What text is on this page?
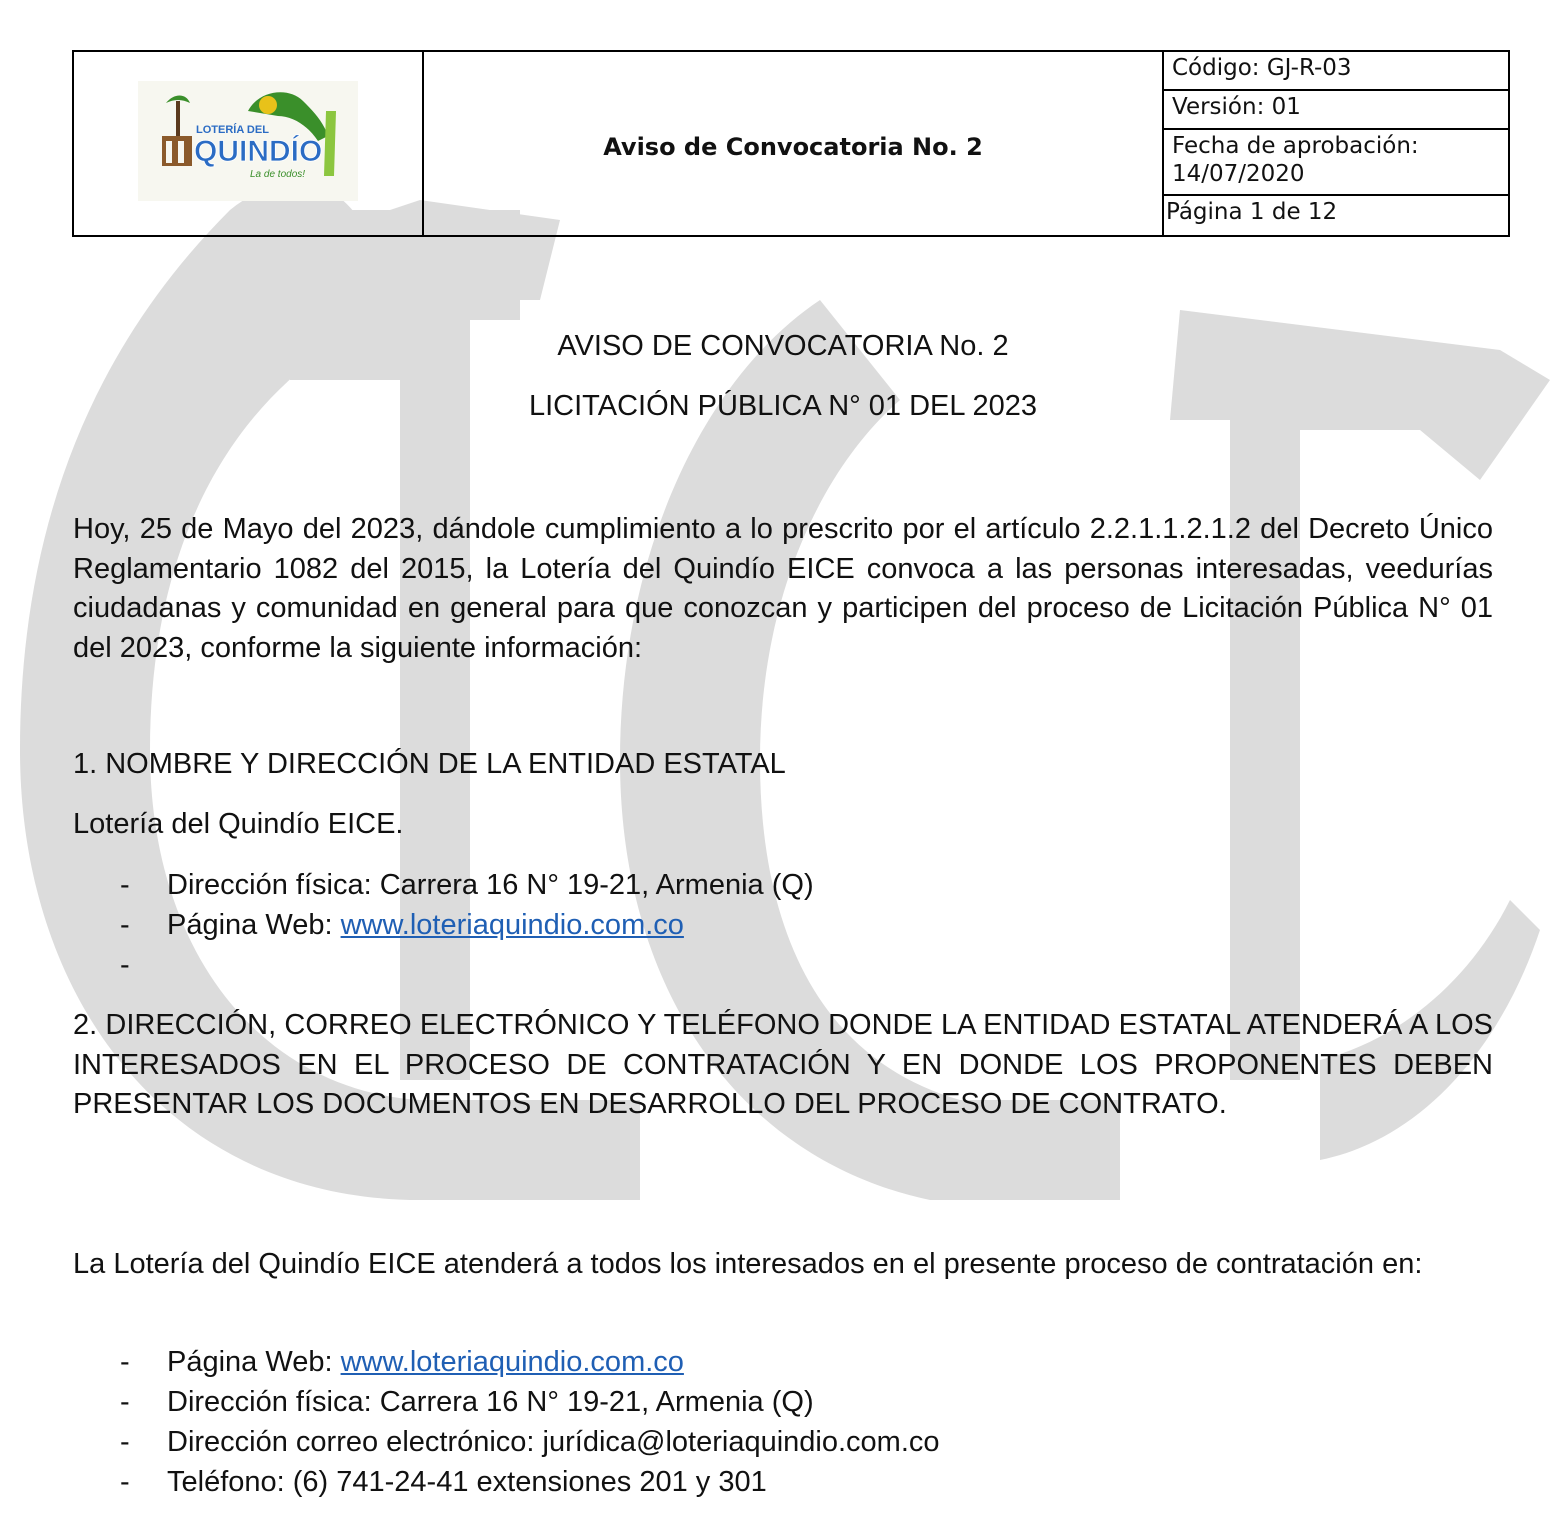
LOTERÍA DEL
QUINDÍO
La de todos!
	Aviso de Convocatoria No. 2	Código: GJ-R-03
Versión: 01

Fecha de aprobación:
14/07/2020

Página 1 de 12
AVISO DE CONVOCATORIA No. 2
LICITACIÓN PÚBLICA N° 01 DEL 2023
Hoy, 25 de Mayo del 2023, dándole cumplimiento a lo prescrito por el artículo 2.2.1.1.2.1.2 del Decreto Único Reglamentario 1082 del 2015, la Lotería del Quindío EICE convoca a las personas interesadas, veedurías ciudadanas y comunidad en general para que conozcan y participen del proceso de Licitación Pública N° 01 del 2023, conforme la siguiente información:
1. NOMBRE Y DIRECCIÓN DE LA ENTIDAD ESTATAL
Lotería del Quindío EICE.
- Dirección física: Carrera 16 N° 19-21, Armenia (Q)
- Página Web: www.loteriaquindio.com.co
-
2. DIRECCIÓN, CORREO ELECTRÓNICO Y TELÉFONO DONDE LA ENTIDAD ESTATAL ATENDERÁ A LOS INTERESADOS EN EL PROCESO DE CONTRATACIÓN Y EN DONDE LOS PROPONENTES DEBEN PRESENTAR LOS DOCUMENTOS EN DESARROLLO DEL PROCESO DE CONTRATO.
La Lotería del Quindío EICE atenderá a todos los interesados en el presente proceso de contratación en:
- Página Web: www.loteriaquindio.com.co
- Dirección física: Carrera 16 N° 19-21, Armenia (Q)
- Dirección correo electrónico: jurídica@loteriaquindio.com.co
- Teléfono: (6) 741-24-41 extensiones 201 y 301
